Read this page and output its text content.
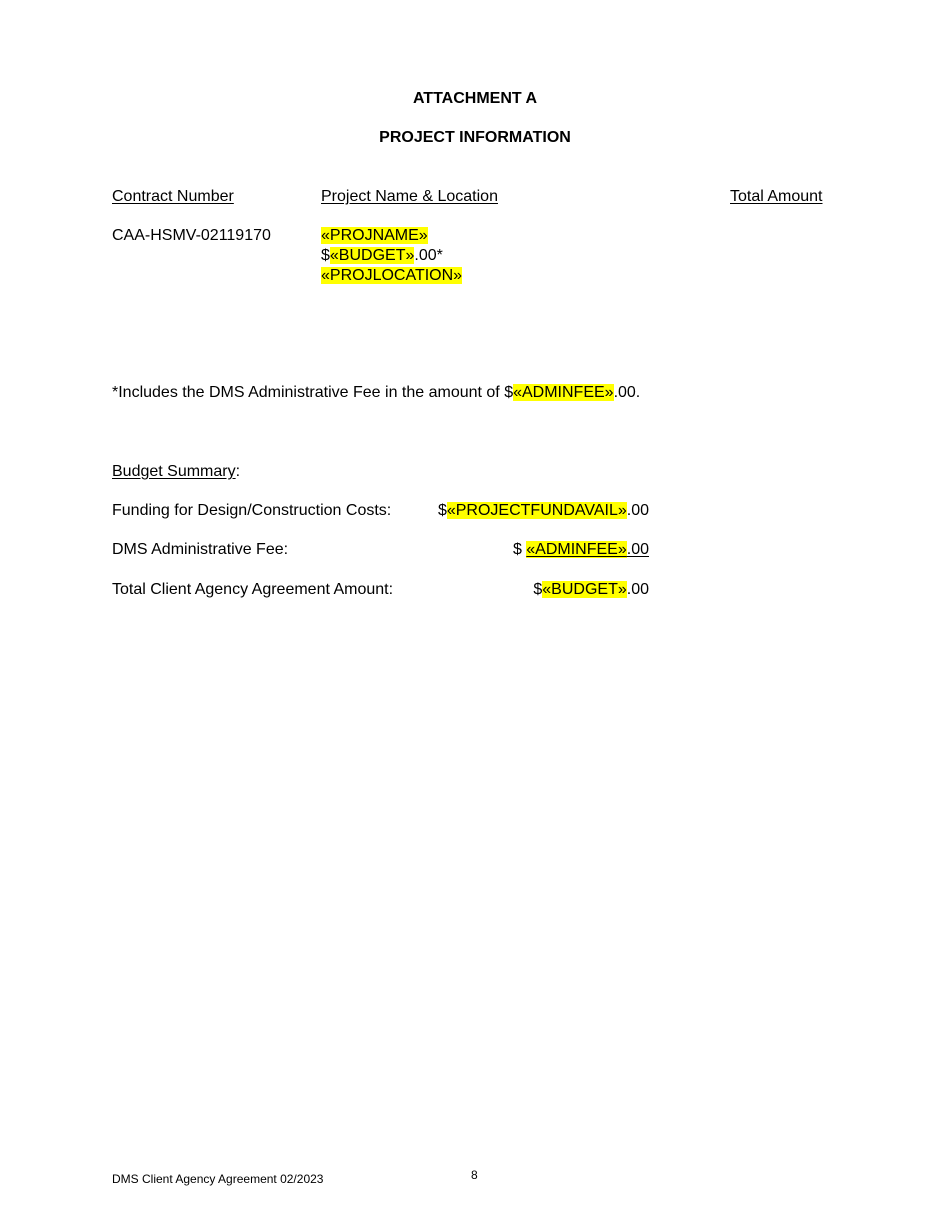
ATTACHMENT A
PROJECT INFORMATION
Contract Number	Project Name & Location	Total Amount
CAA-HSMV-02119170	«PROJNAME»
$«BUDGET».00*
«PROJLOCATION»
*Includes the DMS Administrative Fee in the amount of $«ADMINFEE».00.
Budget Summary:
Funding for Design/Construction Costs:	$«PROJECTFUNDAVAIL».00
DMS Administrative Fee:	$ «ADMINFEE».00
Total Client Agency Agreement Amount:	$«BUDGET».00
DMS Client Agency Agreement 02/2023	8
